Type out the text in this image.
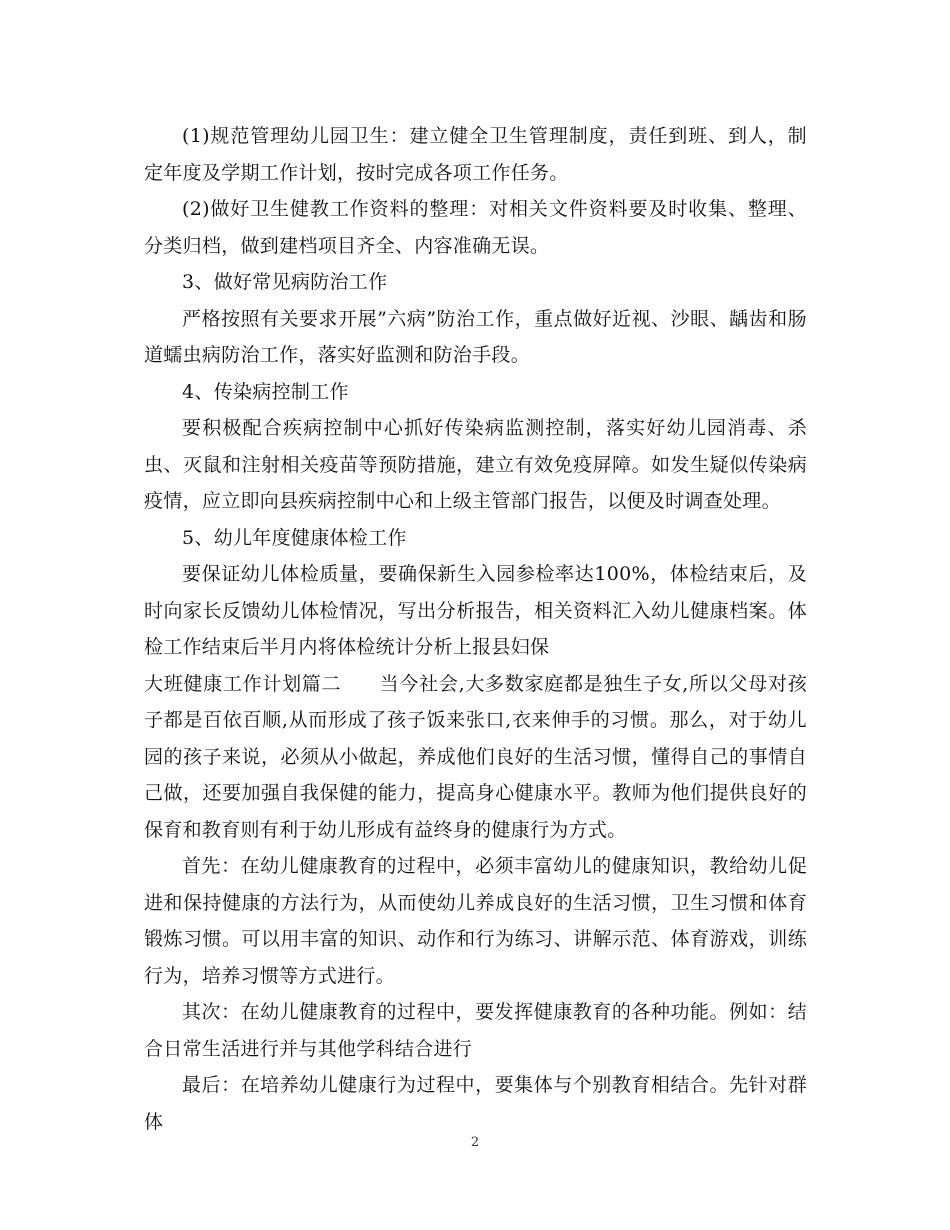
(1)规范管理幼儿园卫生：建立健全卫生管理制度，责任到班、到人，制定年度及学期工作计划，按时完成各项工作任务。

(2)做好卫生健教工作资料的整理：对相关文件资料要及时收集、整理、分类归档，做到建档项目齐全、内容准确无误。

3、做好常见病防治工作

严格按照有关要求开展”六病”防治工作，重点做好近视、沙眼、龋齿和肠道蠕虫病防治工作，落实好监测和防治手段。

4、传染病控制工作

要积极配合疾病控制中心抓好传染病监测控制，落实好幼儿园消毒、杀虫、灭鼠和注射相关疫苗等预防措施，建立有效免疫屏障。如发生疑似传染病疫情，应立即向县疾病控制中心和上级主管部门报告，以便及时调查处理。

5、幼儿年度健康体检工作

要保证幼儿体检质量，要确保新生入园参检率达100%，体检结束后，及时向家长反馈幼儿体检情况，写出分析报告，相关资料汇入幼儿健康档案。体检工作结束后半月内将体检统计分析上报县妇保

大班健康工作计划篇二 当今社会,大多数家庭都是独生子女,所以父母对孩子都是百依百顺,从而形成了孩子饭来张口,衣来伸手的习惯。那么，对于幼儿园的孩子来说，必须从小做起，养成他们良好的生活习惯，懂得自己的事情自己做，还要加强自我保健的能力，提高身心健康水平。教师为他们提供良好的保育和教育则有利于幼儿形成有益终身的健康行为方式。

首先：在幼儿健康教育的过程中，必须丰富幼儿的健康知识，教给幼儿促进和保持健康的方法行为，从而使幼儿养成良好的生活习惯，卫生习惯和体育锻炼习惯。可以用丰富的知识、动作和行为练习、讲解示范、体育游戏，训练行为，培养习惯等方式进行。

其次：在幼儿健康教育的过程中，要发挥健康教育的各种功能。例如：结合日常生活进行并与其他学科结合进行

最后：在培养幼儿健康行为过程中，要集体与个别教育相结合。先针对群体

2
